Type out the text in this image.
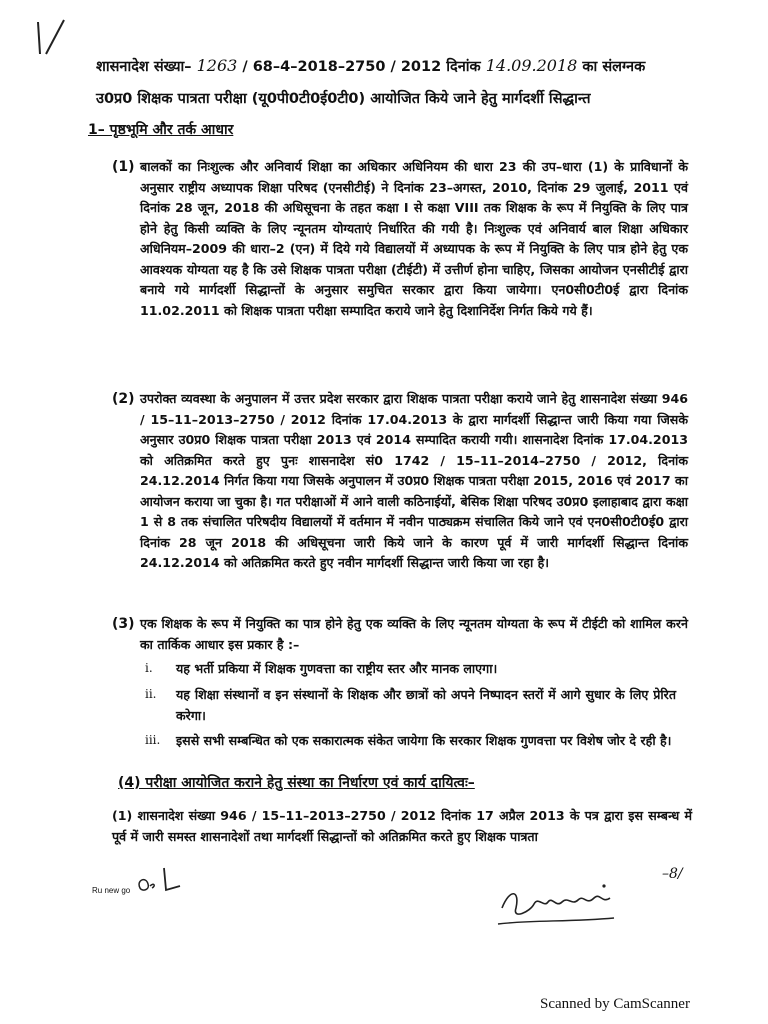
शासनादेश संख्या– 1263 / 68–4–2018–2750 / 2012 दिनांक 14.09.2018 का संलग्नक
उ0प्र0 शिक्षक पात्रता परीक्षा (यू0पी0टी0ई0टी0) आयोजित किये जाने हेतु मार्गदर्शी सिद्धान्त
1– पृष्ठभूमि और तर्क आधार
(1) बालकों का निःशुल्क और अनिवार्य शिक्षा का अधिकार अधिनियम की धारा 23 की उप–धारा (1) के प्राविधानों के अनुसार राष्ट्रीय अध्यापक शिक्षा परिषद (एनसीटीई) ने दिनांक 23–अगस्त, 2010, दिनांक 29 जुलाई, 2011 एवं दिनांक 28 जून, 2018 की अधिसूचना के तहत कक्षा I से कक्षा VIII तक शिक्षक के रूप में नियुक्ति के लिए पात्र होने हेतु किसी व्यक्ति के लिए न्यूनतम योग्यताएं निर्धारित की गयी है। निःशुल्क एवं अनिवार्य बाल शिक्षा अधिकार अधिनियम–2009 की धारा–2 (एन) में दिये गये विद्यालयों में अध्यापक के रूप में नियुक्ति के लिए पात्र होने हेतु एक आवश्यक योग्यता यह है कि उसे शिक्षक पात्रता परीक्षा (टीईटी) में उत्तीर्ण होना चाहिए, जिसका आयोजन एनसीटीई द्वारा बनाये गये मार्गदर्शी सिद्धान्तों के अनुसार समुचित सरकार द्वारा किया जायेगा। एन0सी0टी0ई द्वारा दिनांक 11.02.2011 को शिक्षक पात्रता परीक्षा सम्पादित कराये जाने हेतु दिशानिर्देश निर्गत किये गये हैं।
(2) उपरोक्त व्यवस्था के अनुपालन में उत्तर प्रदेश सरकार द्वारा शिक्षक पात्रता परीक्षा कराये जाने हेतु शासनादेश संख्या 946 / 15–11–2013–2750 / 2012 दिनांक 17.04.2013 के द्वारा मार्गदर्शी सिद्धान्त जारी किया गया जिसके अनुसार उ0प्र0 शिक्षक पात्रता परीक्षा 2013 एवं 2014 सम्पादित करायी गयी। शासनादेश दिनांक 17.04.2013 को अतिक्रमित करते हुए पुनः शासनादेश सं0 1742 / 15–11–2014–2750 / 2012, दिनांक 24.12.2014 निर्गत किया गया जिसके अनुपालन में उ0प्र0 शिक्षक पात्रता परीक्षा 2015, 2016 एवं 2017 का आयोजन कराया जा चुका है। गत परीक्षाओं में आने वाली कठिनाईयों, बेसिक शिक्षा परिषद उ0प्र0 इलाहाबाद द्वारा कक्षा 1 से 8 तक संचालित परिषदीय विद्यालयों में वर्तमान में नवीन पाठ्यक्रम संचालित किये जाने एवं एन0सी0टी0ई0 द्वारा दिनांक 28 जून 2018 की अधिसूचना जारी किये जाने के कारण पूर्व में जारी मार्गदर्शी सिद्धान्त दिनांक 24.12.2014 को अतिक्रमित करते हुए नवीन मार्गदर्शी सिद्धान्त जारी किया जा रहा है।
(3) एक शिक्षक के रूप में नियुक्ति का पात्र होने हेतु एक व्यक्ति के लिए न्यूनतम योग्यता के रूप में टीईटी को शामिल करने का तार्किक आधार इस प्रकार है :–
i. यह भर्ती प्रकिया में शिक्षक गुणवत्ता का राष्ट्रीय स्तर और मानक लाएगा।
ii. यह शिक्षा संस्थानों व इन संस्थानों के शिक्षक और छात्रों को अपने निष्पादन स्तरों में आगे सुधार के लिए प्रेरित करेगा।
iii. इससे सभी सम्बन्धित को एक सकारात्मक संकेत जायेगा कि सरकार शिक्षक गुणवत्ता पर विशेष जोर दे रही है।
(4) परीक्षा आयोजित कराने हेतु संस्था का निर्धारण एवं कार्य दायित्वः–
(1) शासनादेश संख्या 946 / 15–11–2013–2750 / 2012 दिनांक 17 अप्रैल 2013 के पत्र द्वारा इस सम्बन्ध में पूर्व में जारी समस्त शासनादेशों तथा मार्गदर्शी सिद्धान्तों को अतिक्रमित करते हुए शिक्षक पात्रता
Ru new go
–8/
Scanned by CamScanner
